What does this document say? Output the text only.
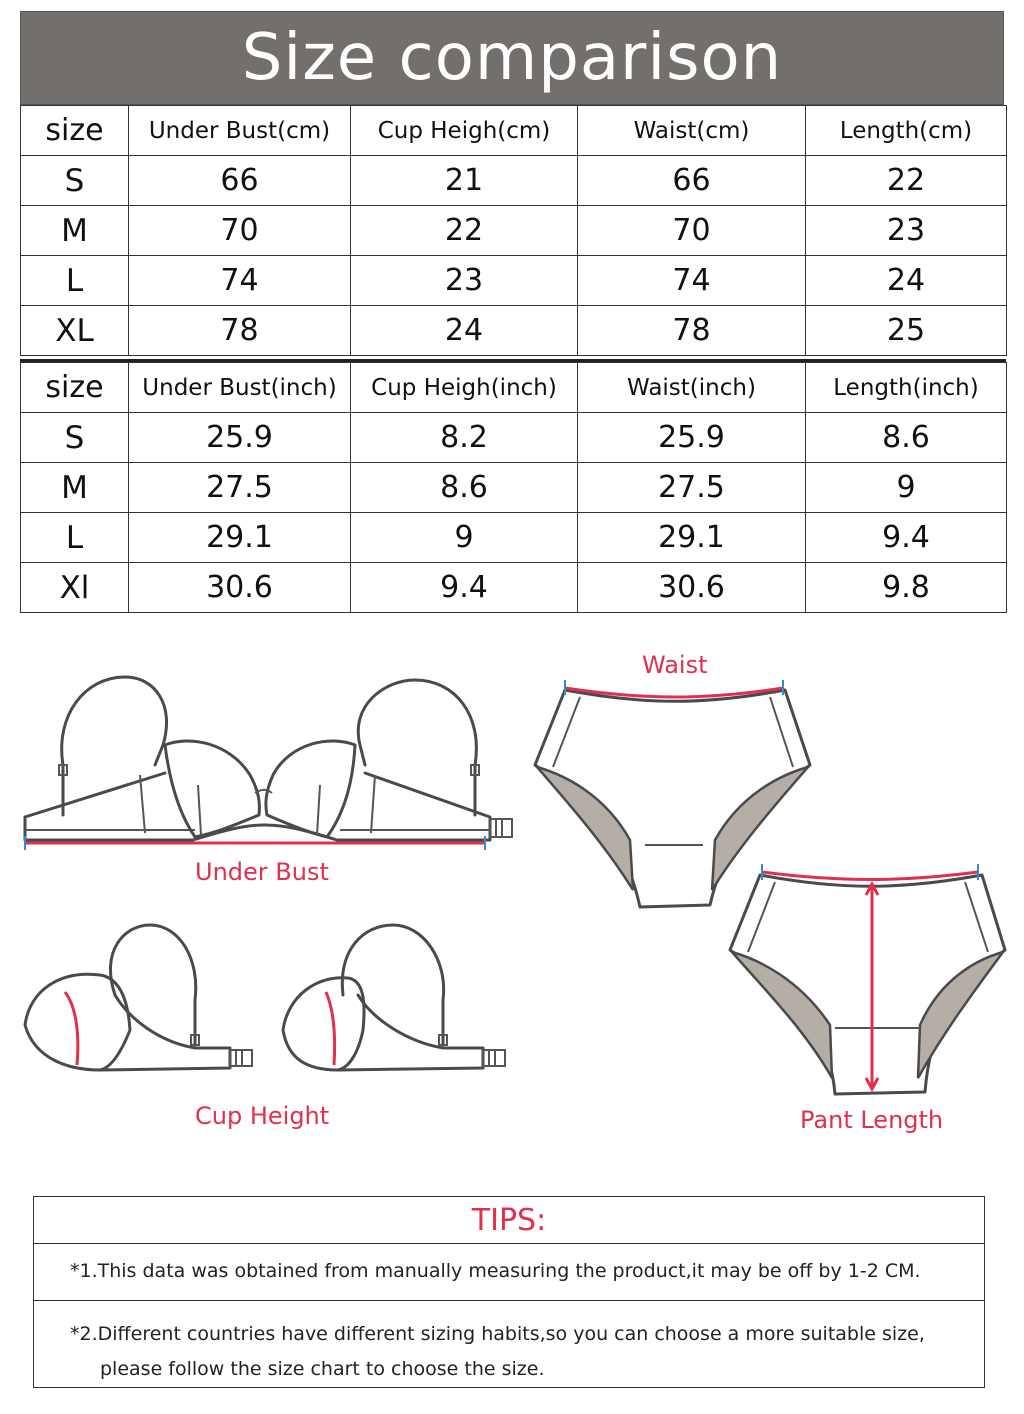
Size comparison
size	Under Bust(cm)	Cup Heigh(cm)	Waist(cm)	Length(cm)
S	66	21	66	22
M	70	22	70	23
L	74	23	74	24
XL	78	24	78	25
size	Under Bust(inch)	Cup Heigh(inch)	Waist(inch)	Length(inch)
S	25.9	8.2	25.9	8.6
M	27.5	8.6	27.5	9
L	29.1	9	29.1	9.4
Xl	30.6	9.4	30.6	9.8
Under Bust
Cup Height
Waist
Pant Length
TIPS:
*1.This data was obtained from manually measuring the product,it may be off by 1-2 CM.
*2.Different countries have different sizing habits,so you can choose a more suitable size,
please follow the size chart to choose the size.
